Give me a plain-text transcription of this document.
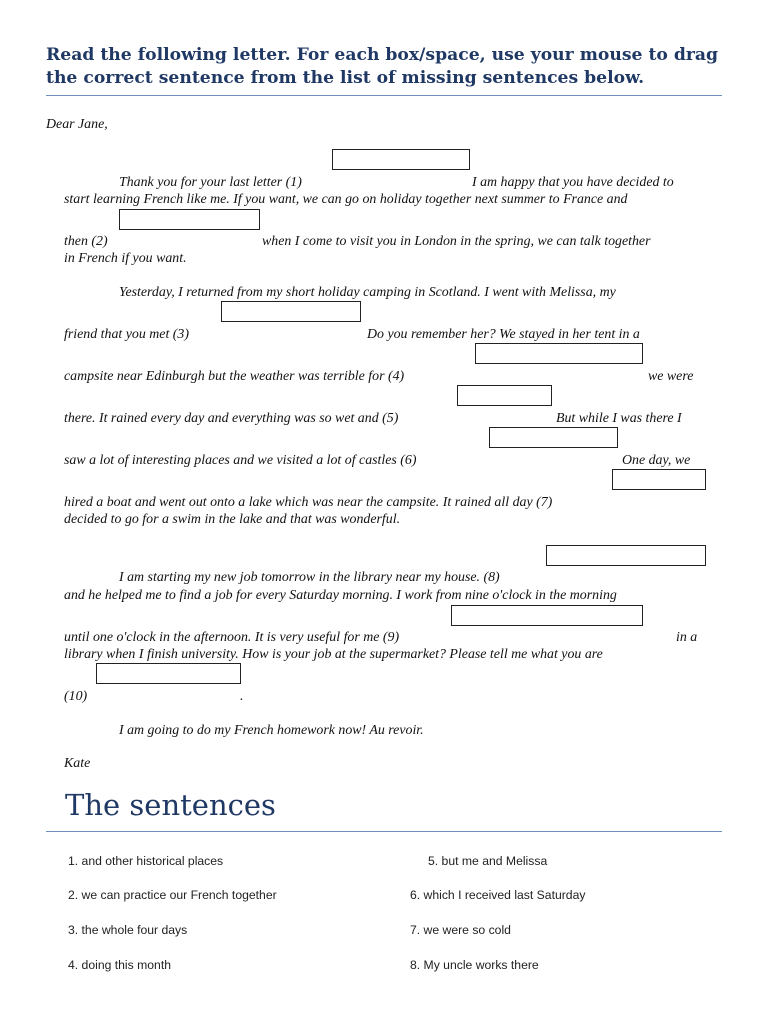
Read the following letter. For each box/space, use your mouse to drag the correct sentence from the list of missing sentences below.
Dear Jane,
Thank you for your last letter (1)	I am happy that you have decided to
start learning French like me. If you want, we can go on holiday together next summer to France and
then (2)	when I come to visit you in London in the spring, we can talk together
in French if you want.
Yesterday, I returned from my short holiday camping in Scotland. I went with Melissa, my
friend that you met (3)	Do you remember her? We stayed in her tent in a
campsite near Edinburgh but the weather was terrible for (4)	we were
there. It rained every day and everything was so wet and (5)	But while I was there I
saw a lot of interesting places and we visited a lot of castles (6)	One day, we
hired a boat and went out onto a lake which was near the campsite. It rained all day (7)
decided to go for a swim in the lake and that was wonderful.
I am starting my new job tomorrow in the library near my house. (8)
and he helped me to find a job for every Saturday morning. I work from nine o'clock in the morning
until one o'clock in the afternoon. It is very useful for me (9)	in a
library when I finish university. How is your job at the supermarket? Please tell me what you are
(10)	.
I am going to do my French homework now! Au revoir.
Kate
The sentences
1. and other historical places
2. we can practice our French together
3. the whole four days
4. doing this month
5. but me and Melissa
6. which I received last Saturday
7. we were so cold
8. My uncle works there
